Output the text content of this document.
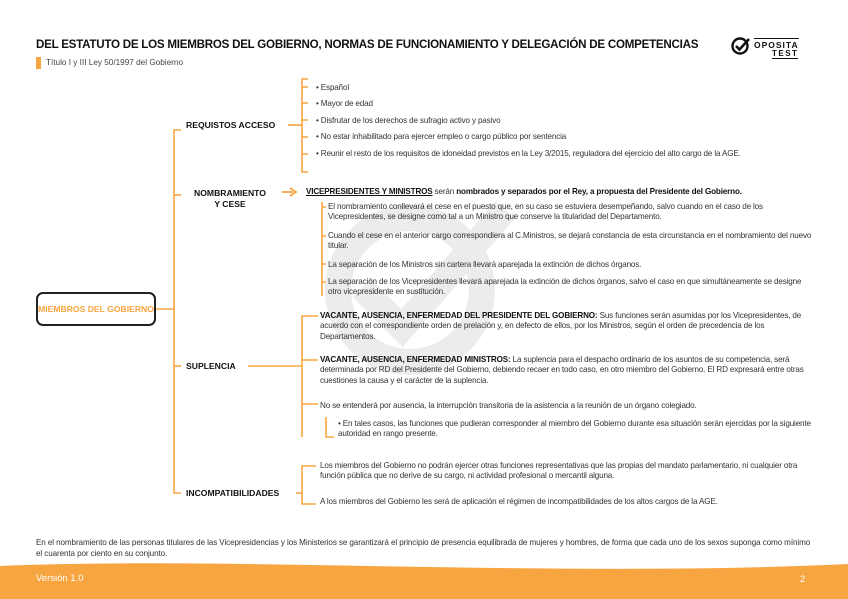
DEL ESTATUTO DE LOS MIEMBROS DEL GOBIERNO, NORMAS DE FUNCIONAMIENTO Y DELEGACIÓN DE COMPETENCIAS
Título I y III Ley 50/1997 del Gobierno
OPOSITA
TEST
MIEMBROS DEL GOBIERNO
REQUISTOS ACCESO
• Español
• Mayor de edad
• Disfrutar de los derechos de sufragio activo y pasivo
• No estar inhabilitado para ejercer empleo o cargo público por sentencia
• Reunir el resto de los requisitos de idoneidad previstos en la Ley 3/2015, reguladora del ejercicio del alto cargo de la AGE.
NOMBRAMIENTO
Y CESE
VICEPRESIDENTES Y MINISTROS serán nombrados y separados por el Rey, a propuesta del Presidente del Gobierno.
El nombramiento conllevará el cese en el puesto que, en su caso se estuviera desempeñando, salvo cuando en el caso de los Vicepresidentes, se designe como tal a un Ministro que conserve la titularidad del Departamento.
Cuando el cese en el anterior cargo correspondiera al C.Ministros, se dejará constancia de esta circunstancia en el nombramiento del nuevo titular.
La separación de los Ministros sin cartera llevará aparejada la extinción de dichos órganos.
La separación de los Vicepresidentes llevará aparejada la extinción de dichos órganos, salvo el caso en que simultáneamente se designe otro vicepresidente en sustitución.
SUPLENCIA
VACANTE, AUSENCIA, ENFERMEDAD DEL PRESIDENTE DEL GOBIERNO: Sus funciones serán asumidas por los Vicepresidentes, de acuerdo con el correspondiente orden de prelación y, en defecto de ellos, por los Ministros, según el orden de precedencia de los Departamentos.
VACANTE, AUSENCIA, ENFERMEDAD MINISTROS: La suplencia para el despacho ordinario de los asuntos de su competencia, será determinada por RD del Presidente del Gobierno, debiendo recaer en todo caso, en otro miembro del Gobierno. El RD expresará entre otras cuestiones la causa y el carácter de la suplencia.
No se entenderá por ausencia, la interrupción transitoria de la asistencia a la reunión de un órgano colegiado.
• En tales casos, las funciones que pudieran corresponder al miembro del Gobierno durante esa situación serán ejercidas por la siguiente autoridad en rango presente.
INCOMPATIBILIDADES
Los miembros del Gobierno no podrán ejercer otras funciones representativas que las propias del mandato parlamentario, ni cualquier otra función pública que no derive de su cargo, ni actividad profesional o mercantil alguna.
A los miembros del Gobierno les será de aplicación el régimen de incompatibilidades de los altos cargos de la AGE.
En el nombramiento de las personas titulares de las Vicepresidencias y los Ministerios se garantizará el principio de presencia equilibrada de mujeres y hombres, de forma que cada uno de los sexos suponga como mínimo el cuarenta por ciento en su conjunto.
Versión 1.0	2
